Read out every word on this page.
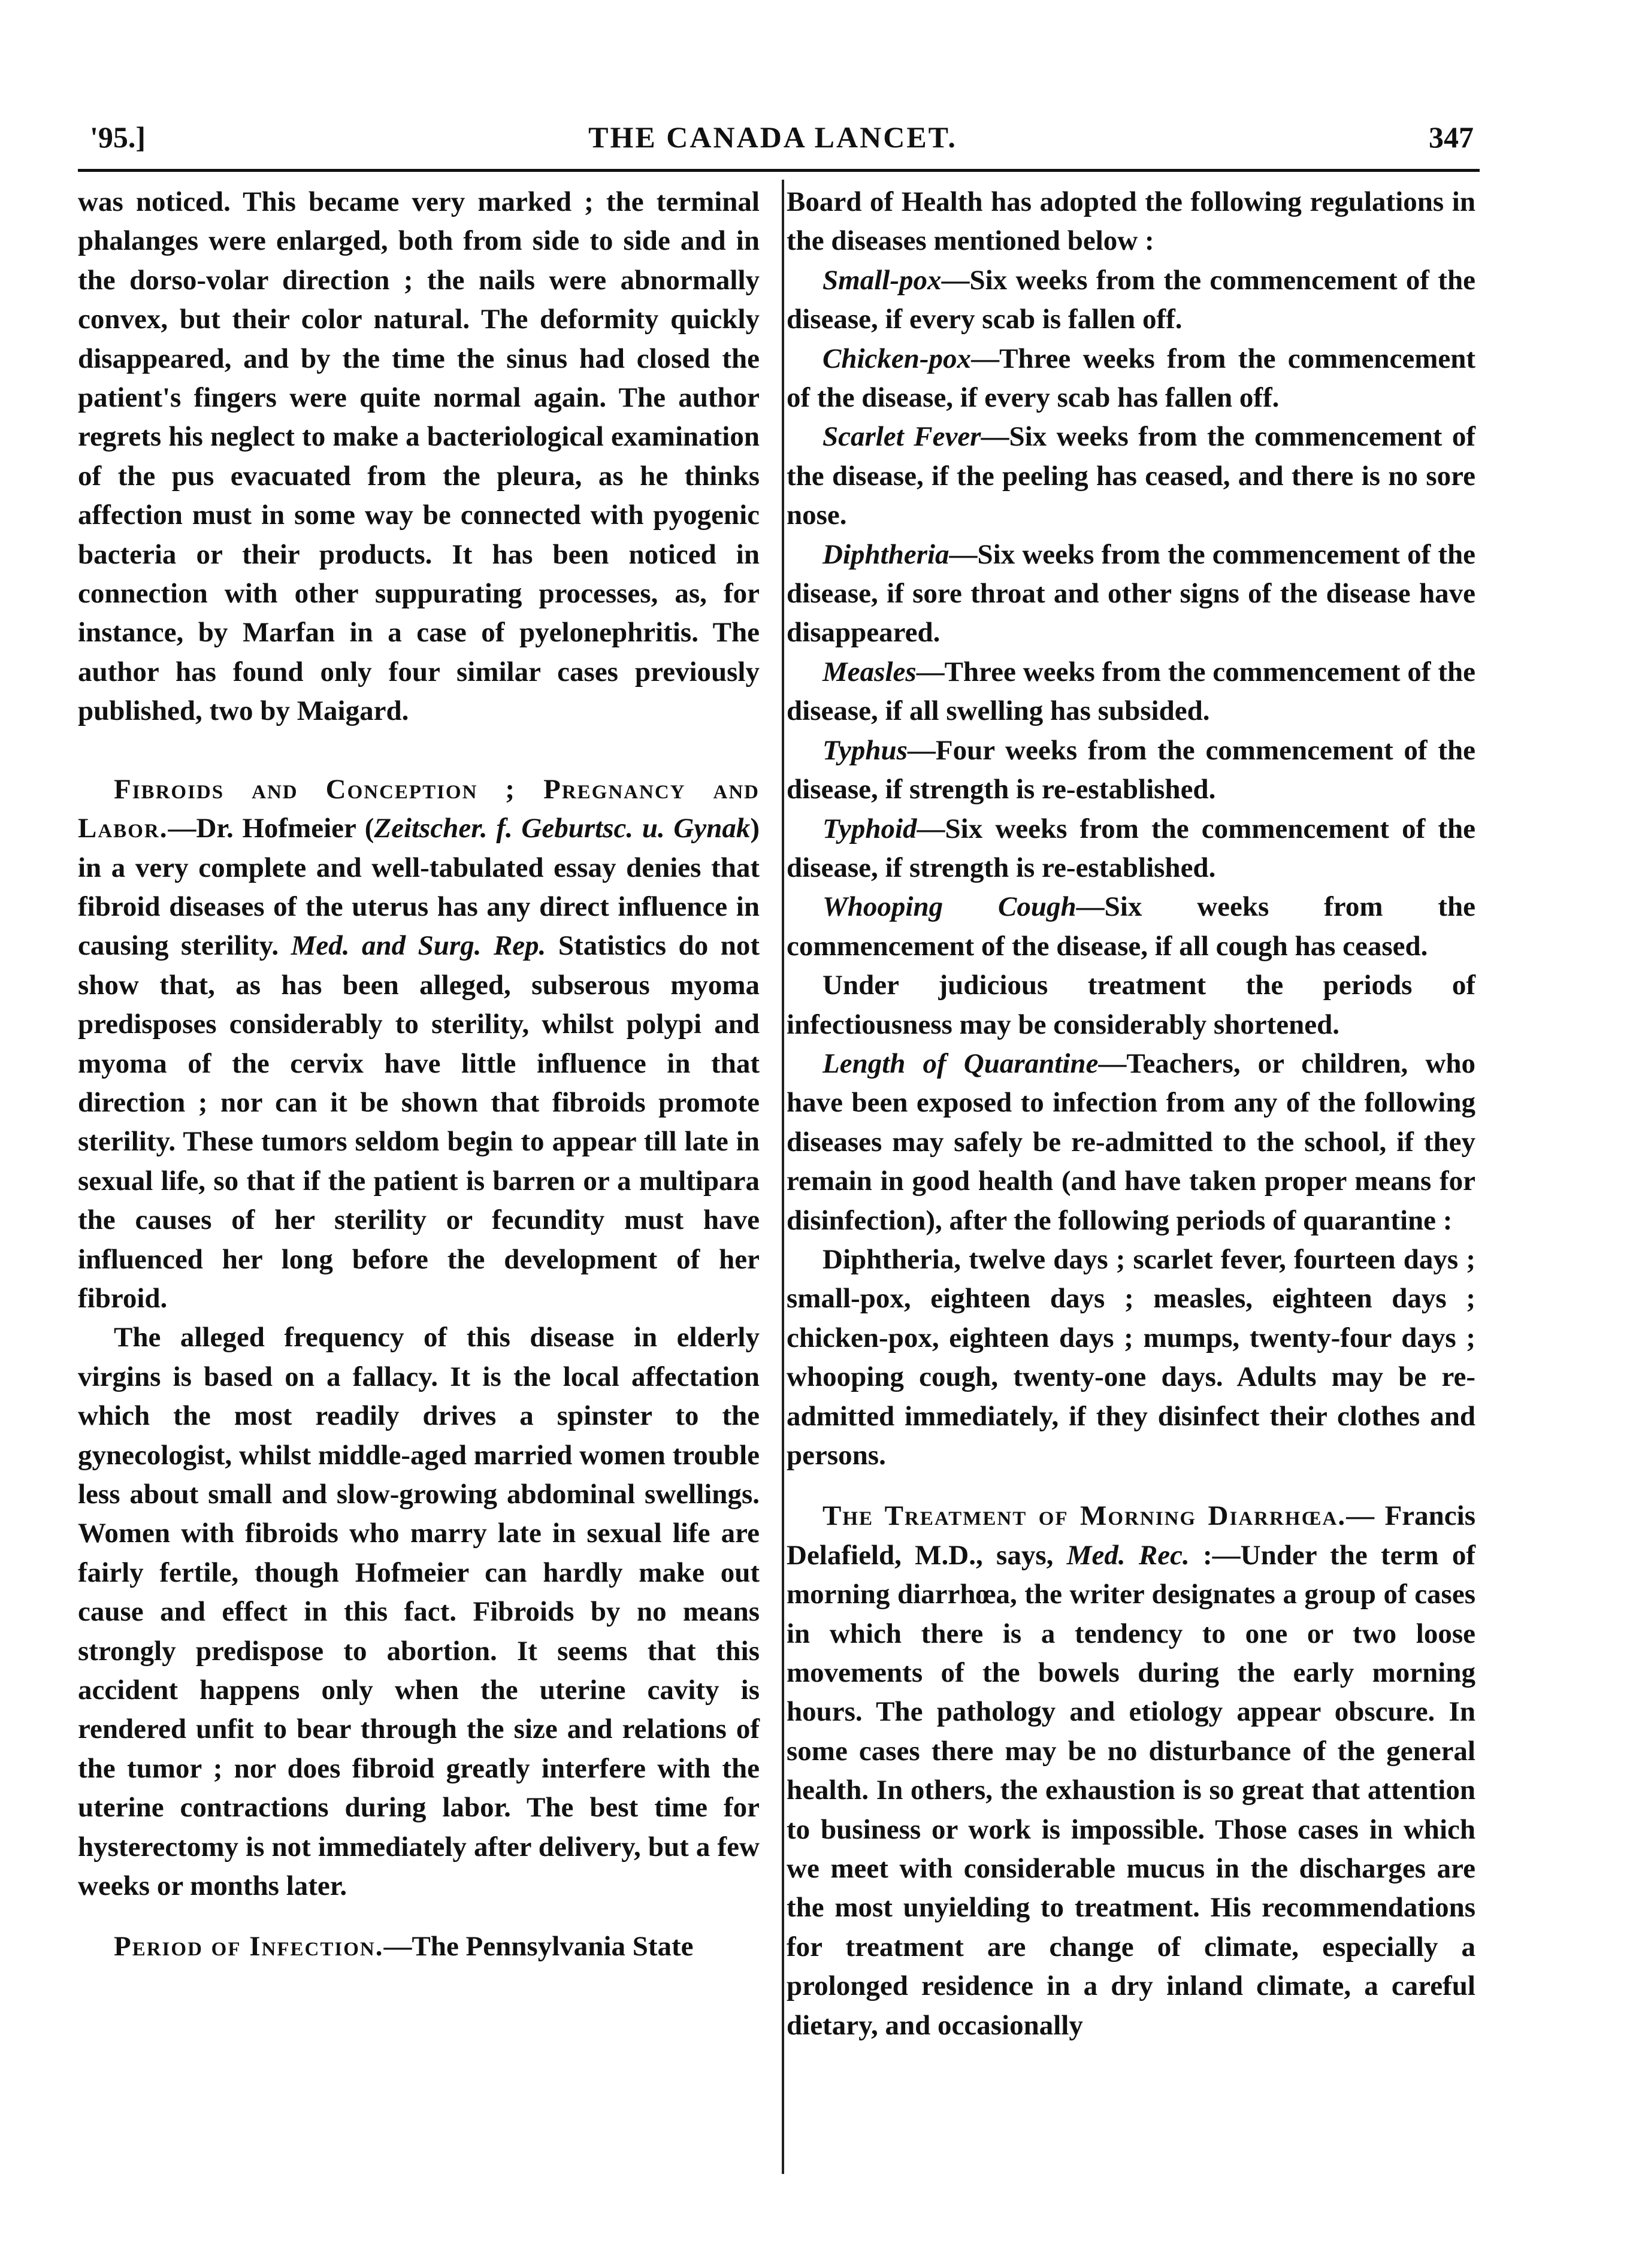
'95.]	THE CANADA LANCET.	347

was noticed. This became very marked ; the terminal phalanges were enlarged, both from side to side and in the dorso-volar direction ; the nails were abnormally convex, but their color natural. The deformity quickly disappeared, and by the time the sinus had closed the patient's fingers were quite normal again. The author regrets his neglect to make a bacteriological examination of the pus evacuated from the pleura, as he thinks affection must in some way be connected with pyogenic bacteria or their products. It has been noticed in connection with other suppurating processes, as, for instance, by Marfan in a case of pyelonephritis. The author has found only four similar cases previously published, two by Maigard.

Fibroids and Conception ; Pregnancy and Labor.—Dr. Hofmeier (Zeitscher. f. Geburtsc. u. Gynak) in a very complete and well-tabulated essay denies that fibroid diseases of the uterus has any direct influence in causing sterility. Med. and Surg. Rep. Statistics do not show that, as has been alleged, subserous myoma predisposes considerably to sterility, whilst polypi and myoma of the cervix have little influence in that direction ; nor can it be shown that fibroids promote sterility. These tumors seldom begin to appear till late in sexual life, so that if the patient is barren or a multipara the causes of her sterility or fecundity must have influenced her long before the development of her fibroid.

The alleged frequency of this disease in elderly virgins is based on a fallacy. It is the local affectation which the most readily drives a spinster to the gynecologist, whilst middle-aged married women trouble less about small and slow-growing abdominal swellings. Women with fibroids who marry late in sexual life are fairly fertile, though Hofmeier can hardly make out cause and effect in this fact. Fibroids by no means strongly predispose to abortion. It seems that this accident happens only when the uterine cavity is rendered unfit to bear through the size and relations of the tumor ; nor does fibroid greatly interfere with the uterine contractions during labor. The best time for hysterectomy is not immediately after delivery, but a few weeks or months later.

Period of Infection.—The Pennsylvania State

Board of Health has adopted the following regulations in the diseases mentioned below :

Small-pox—Six weeks from the commencement of the disease, if every scab is fallen off.

Chicken-pox—Three weeks from the commencement of the disease, if every scab has fallen off.

Scarlet Fever—Six weeks from the commencement of the disease, if the peeling has ceased, and there is no sore nose.

Diphtheria—Six weeks from the commencement of the disease, if sore throat and other signs of the disease have disappeared.

Measles—Three weeks from the commencement of the disease, if all swelling has subsided.

Typhus—Four weeks from the commencement of the disease, if strength is re-established.

Typhoid—Six weeks from the commencement of the disease, if strength is re-established.

Whooping Cough—Six weeks from the commencement of the disease, if all cough has ceased.

Under judicious treatment the periods of infectiousness may be considerably shortened.

Length of Quarantine—Teachers, or children, who have been exposed to infection from any of the following diseases may safely be re-admitted to the school, if they remain in good health (and have taken proper means for disinfection), after the following periods of quarantine :

Diphtheria, twelve days ; scarlet fever, fourteen days ; small-pox, eighteen days ; measles, eighteen days ; chicken-pox, eighteen days ; mumps, twenty-four days ; whooping cough, twenty-one days. Adults may be re-admitted immediately, if they disinfect their clothes and persons.

The Treatment of Morning Diarrhœa.— Francis Delafield, M.D., says, Med. Rec. :—Under the term of morning diarrhœa, the writer designates a group of cases in which there is a tendency to one or two loose movements of the bowels during the early morning hours. The pathology and etiology appear obscure. In some cases there may be no disturbance of the general health. In others, the exhaustion is so great that attention to business or work is impossible. Those cases in which we meet with considerable mucus in the discharges are the most unyielding to treatment. His recommendations for treatment are change of climate, especially a prolonged residence in a dry inland climate, a careful dietary, and occasionally
